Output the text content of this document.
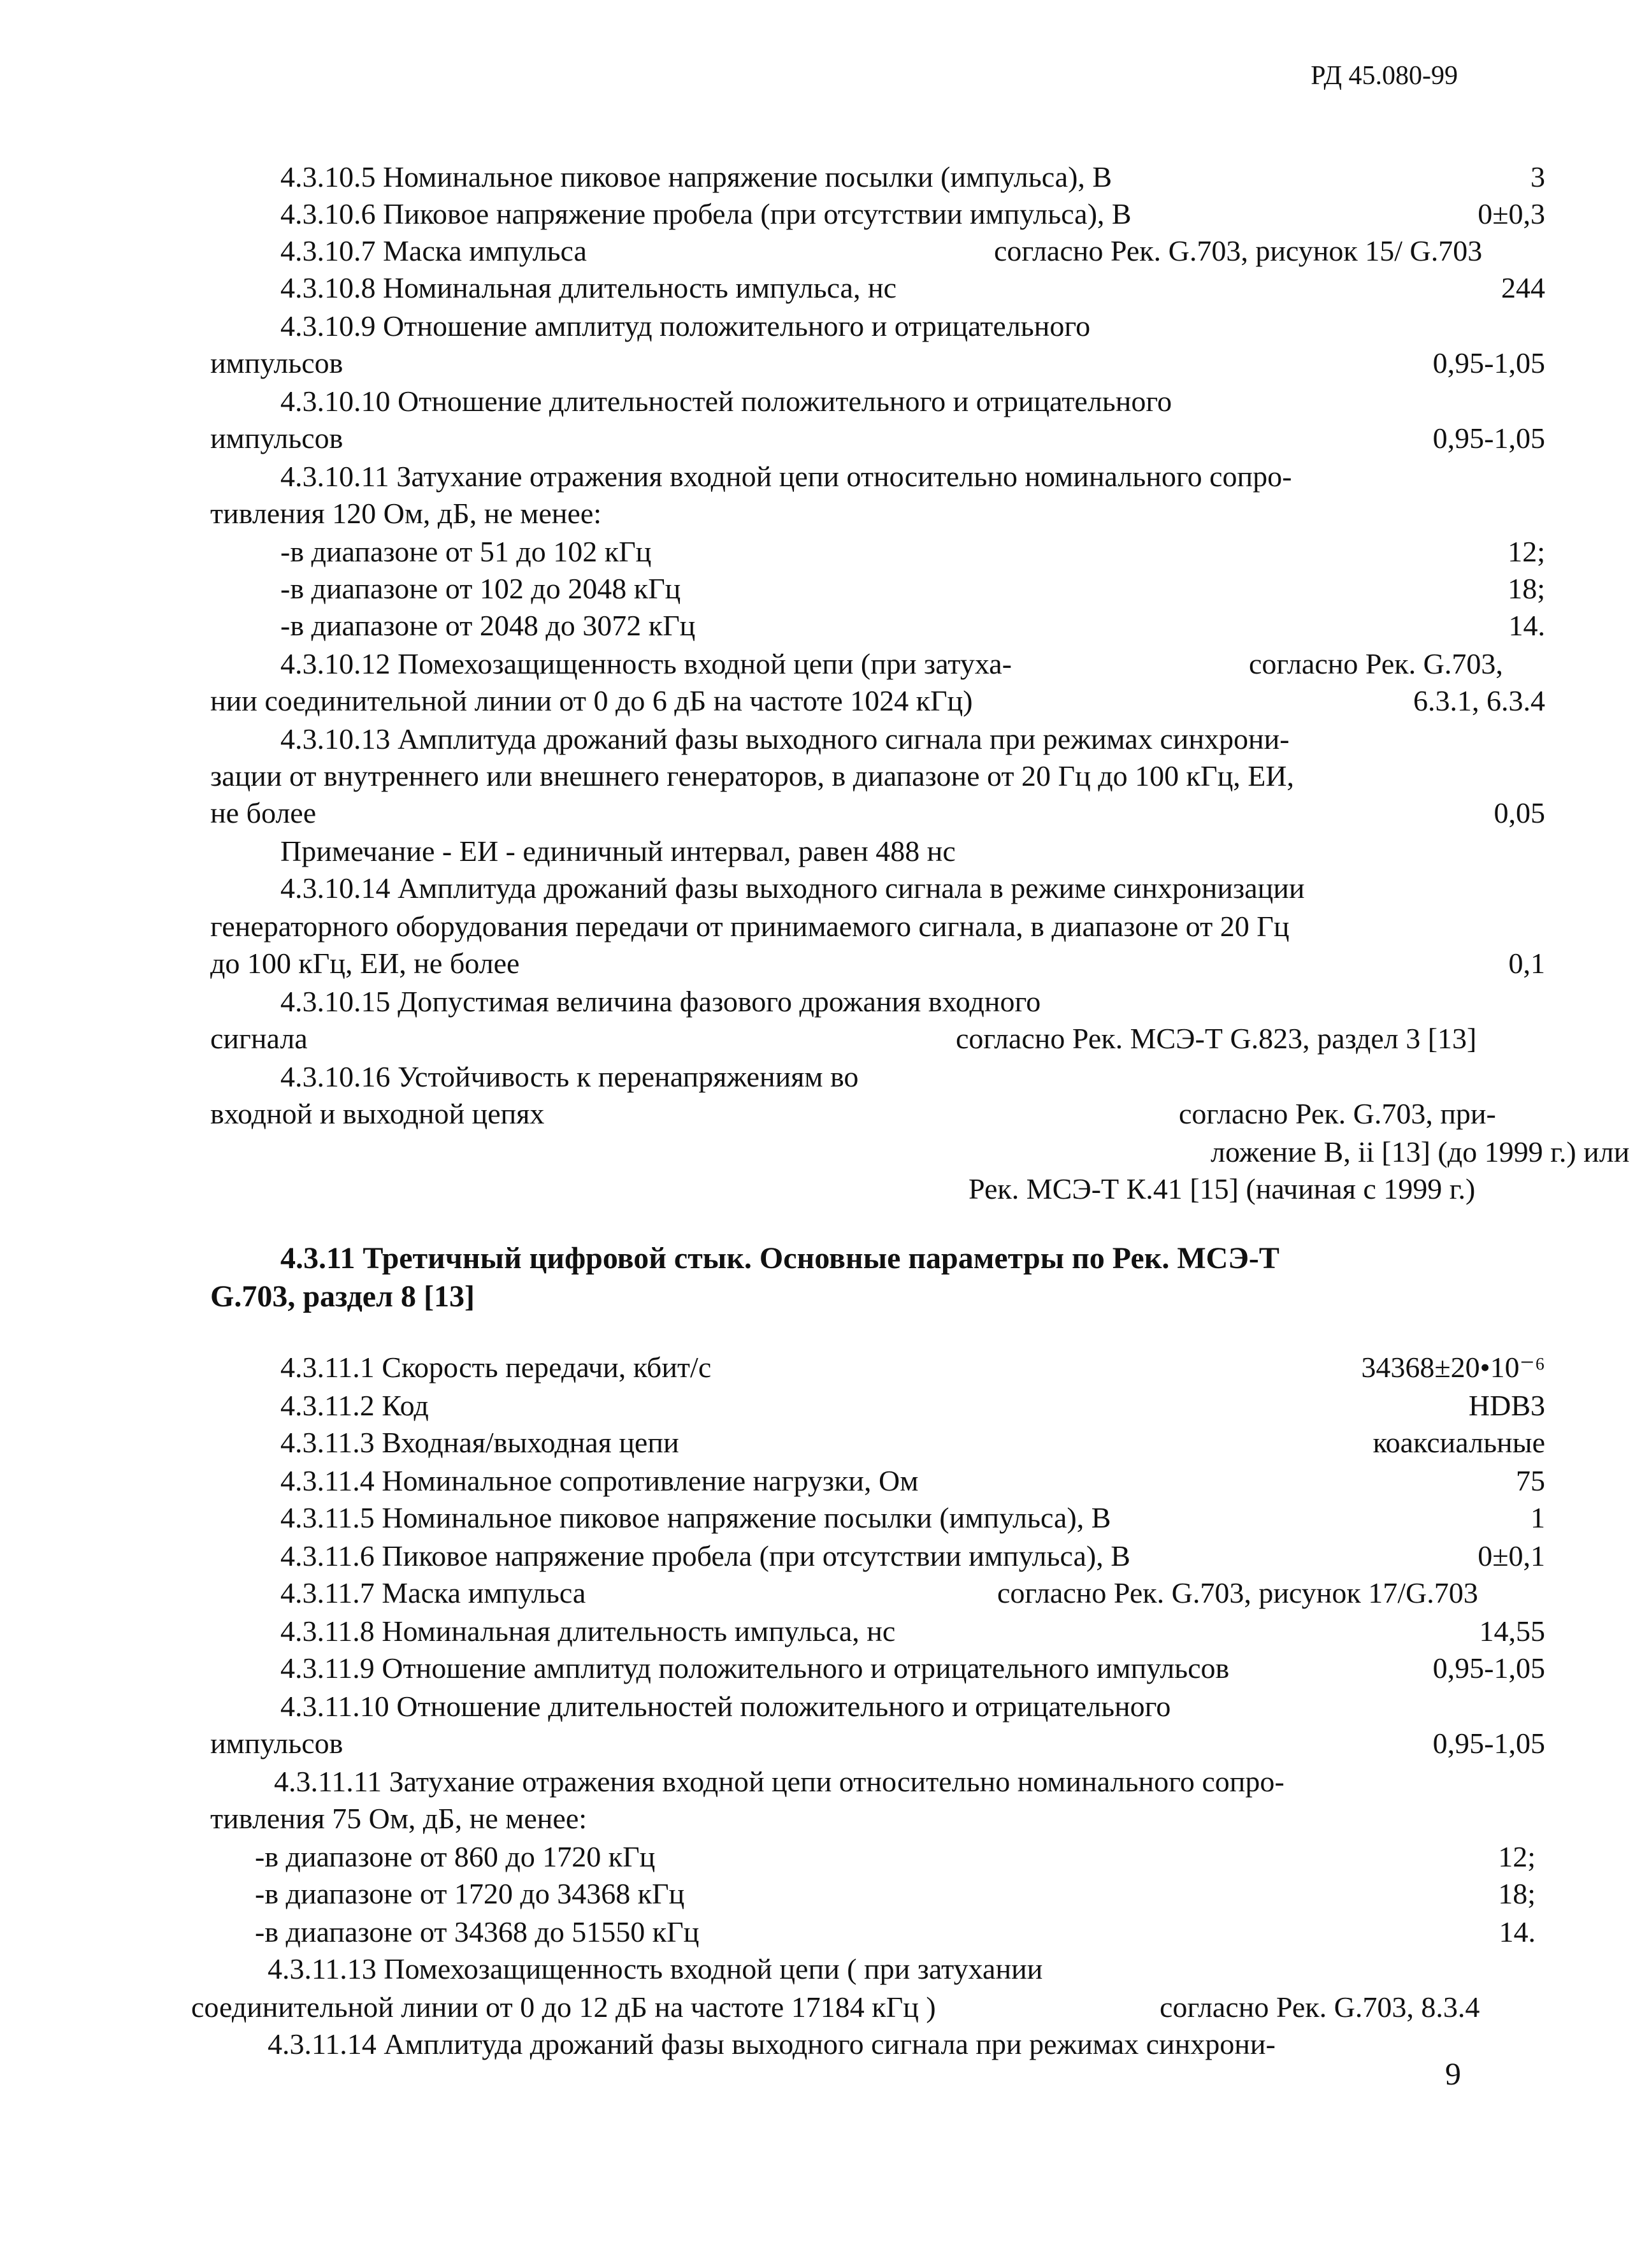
РД 45.080-99
4.3.10.5 Номинальное пиковое напряжение посылки (импульса), В	3
4.3.10.6 Пиковое напряжение пробела (при отсутствии импульса), В	0±0,3
4.3.10.7 Маска импульса	согласно Рек. G.703, рисунок 15/ G.703
4.3.10.8 Номинальная длительность импульса, нс	244
4.3.10.9 Отношение амплитуд положительного и отрицательного
импульсов	0,95-1,05
4.3.10.10 Отношение длительностей положительного и отрицательного
импульсов	0,95-1,05
4.3.10.11 Затухание отражения входной цепи относительно номинального сопро-
тивления 120 Ом, дБ, не менее:
-в диапазоне от 51 до 102 кГц	12;
-в диапазоне от 102 до 2048 кГц	18;
-в диапазоне от 2048 до 3072 кГц	14.
4.3.10.12 Помехозащищенность входной цепи (при затуха-	согласно Рек. G.703,
нии соединительной линии от 0 до 6 дБ на частоте 1024 кГц)	6.3.1, 6.3.4
4.3.10.13 Амплитуда дрожаний фазы выходного сигнала при режимах синхрони-
зации от внутреннего или внешнего генераторов, в диапазоне от 20 Гц до 100 кГц, ЕИ,
не более	0,05
Примечание - ЕИ - единичный интервал, равен 488 нс
4.3.10.14 Амплитуда дрожаний фазы выходного сигнала в режиме синхронизации
генераторного оборудования передачи от принимаемого сигнала, в диапазоне от 20 Гц
до 100 кГц, ЕИ, не более	0,1
4.3.10.15 Допустимая величина фазового дрожания входного
сигнала	согласно Рек. МСЭ-Т G.823, раздел 3 [13]
4.3.10.16 Устойчивость к перенапряжениям во
входной и выходной цепях	согласно Рек. G.703, при-
ложение В, ii [13] (до 1999 г.) или
Рек. МСЭ-Т К.41 [15] (начиная с 1999 г.)
4.3.11 Третичный цифровой стык. Основные параметры по Рек. МСЭ-Т
G.703, раздел 8 [13]
4.3.11.1 Скорость передачи, кбит/с	34368±20•10⁻⁶
4.3.11.2 Код	HDB3
4.3.11.3 Входная/выходная цепи	коаксиальные
4.3.11.4 Номинальное сопротивление нагрузки, Ом	75
4.3.11.5 Номинальное пиковое напряжение посылки (импульса), В	1
4.3.11.6 Пиковое напряжение пробела (при отсутствии импульса), В	0±0,1
4.3.11.7 Маска импульса	согласно Рек. G.703, рисунок 17/G.703
4.3.11.8 Номинальная длительность импульса, нс	14,55
4.3.11.9 Отношение амплитуд положительного и отрицательного импульсов	0,95-1,05
4.3.11.10 Отношение длительностей положительного и отрицательного
импульсов	0,95-1,05
4.3.11.11 Затухание отражения входной цепи относительно номинального сопро-
тивления 75 Ом, дБ, не менее:
-в диапазоне от 860 до 1720 кГц	12;
-в диапазоне от 1720 до 34368 кГц	18;
-в диапазоне от 34368 до 51550 кГц	14.
4.3.11.13 Помехозащищенность входной цепи ( при затухании
соединительной линии от 0 до 12 дБ на частоте 17184 кГц )	согласно Рек. G.703, 8.3.4
4.3.11.14 Амплитуда дрожаний фазы выходного сигнала при режимах синхрони-
9
